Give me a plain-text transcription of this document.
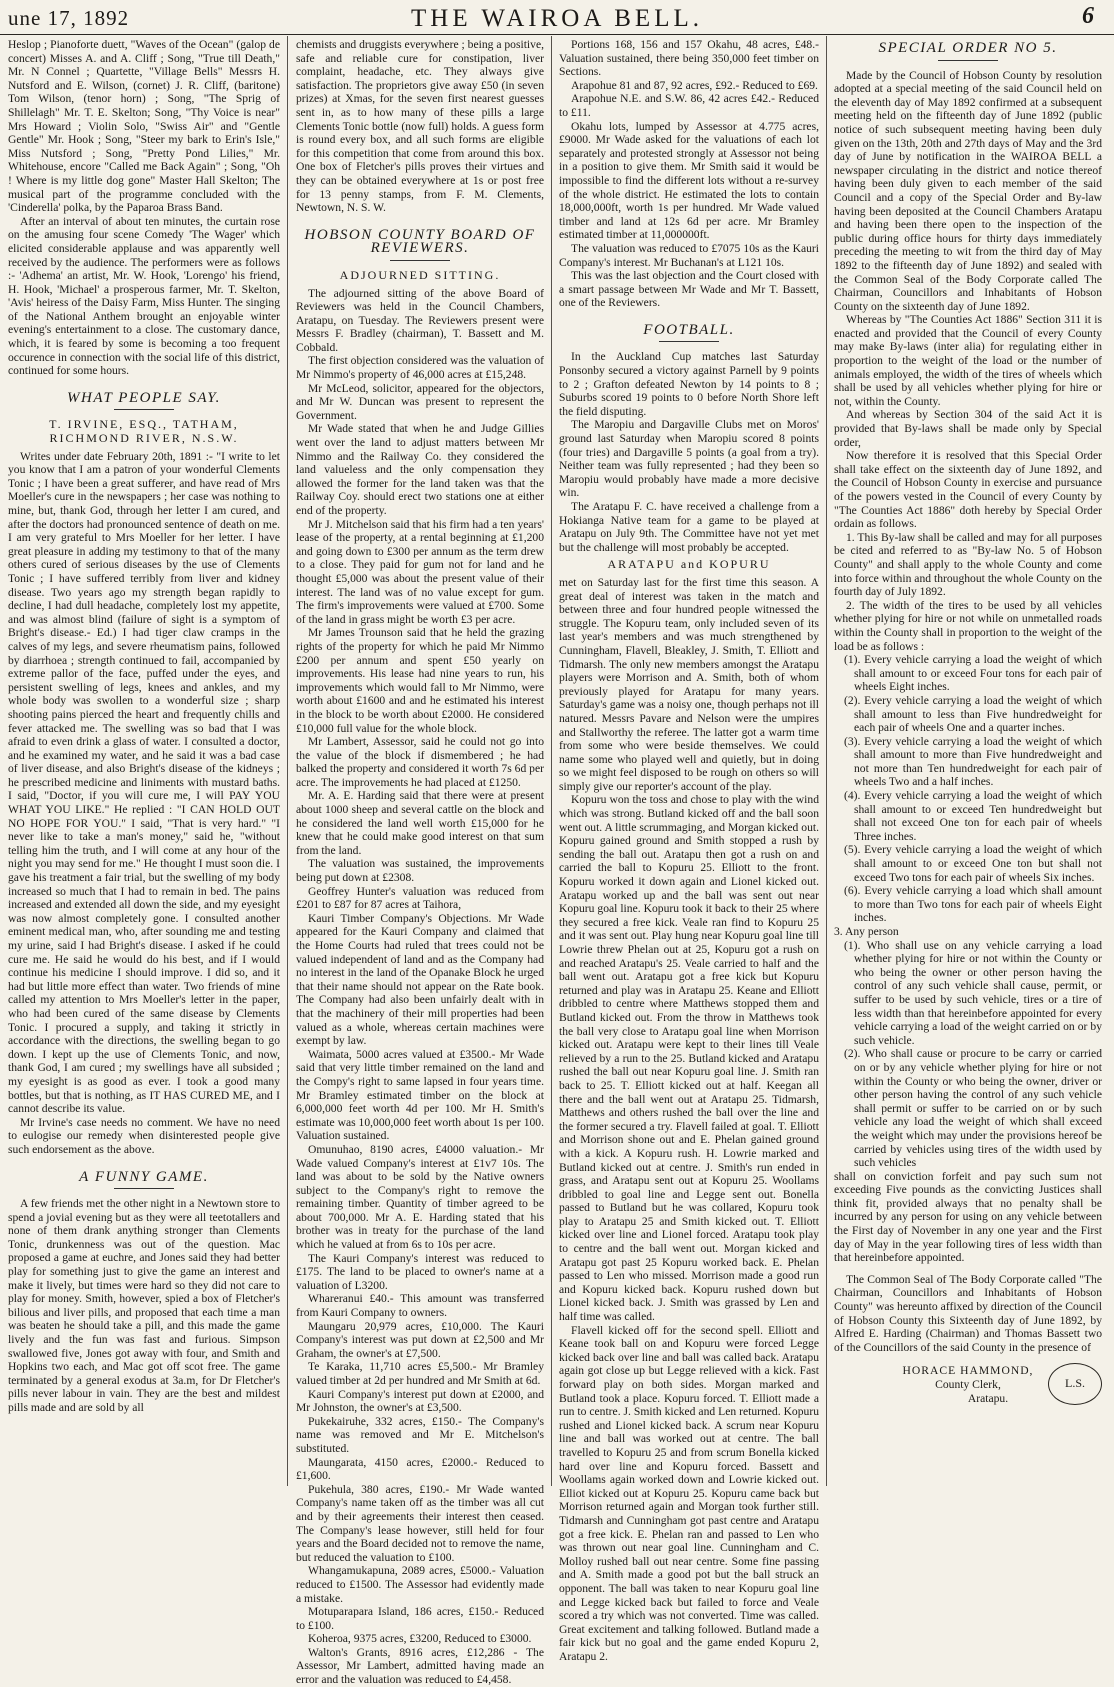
une 17, 1892	THE WAIROA BELL.	6

Heslop ; Pianoforte duett, "Waves of the Ocean" (galop de concert) Misses A. and A. Cliff ; Song, "True till Death," Mr. N Connel ; Quartette, "Village Bells" Messrs H. Nutsford and E. Wilson, (cornet) J. R. Cliff, (baritone) Tom Wilson, (tenor horn) ; Song, "The Sprig of Shillelagh" Mr. T. E. Skelton; Song, "Thy Voice is near" Mrs Howard ; Violin Solo, "Swiss Air" and "Gentle Gentle" Mr. Hook ; Song, "Steer my bark to Erin's Isle," Miss Nutsford ; Song, "Pretty Pond Lilies," Mr. Whitehouse, encore "Called me Back Again" ; Song, "Oh ! Where is my little dog gone" Master Hall Skelton; The musical part of the programme concluded with the 'Cinderella' polka, by the Paparoa Brass Band.

After an interval of about ten minutes, the curtain rose on the amusing four scene Comedy 'The Wager' which elicited considerable applause and was apparently well received by the audience. The performers were as follows :- 'Adhema' an artist, Mr. W. Hook, 'Lorengo' his friend, H. Hook, 'Michael' a prosperous farmer, Mr. T. Skelton, 'Avis' heiress of the Daisy Farm, Miss Hunter. The singing of the National Anthem brought an enjoyable winter evening's entertainment to a close. The customary dance, which, it is feared by some is becoming a too frequent occurence in connection with the social life of this district, continued for some hours.

WHAT PEOPLE SAY.
T. IRVINE, ESQ., TATHAM, RICHMOND RIVER, N.S.W.

Writes under date February 20th, 1891 :- "I write to let you know that I am a patron of your wonderful Clements Tonic ; I have been a great sufferer, and have read of Mrs Moeller's cure in the newspapers ; her case was nothing to mine, but, thank God, through her letter I am cured, and after the doctors had pronounced sentence of death on me. I am very grateful to Mrs Moeller for her letter. I have great pleasure in adding my testimony to that of the many others cured of serious diseases by the use of Clements Tonic ; I have suffered terribly from liver and kidney disease. Two years ago my strength began rapidly to decline, I had dull headache, completely lost my appetite, and was almost blind (failure of sight is a symptom of Bright's disease.- Ed.) I had tiger claw cramps in the calves of my legs, and severe rheumatism pains, followed by diarrhoea ; strength continued to fail, accompanied by extreme pallor of the face, puffed under the eyes, and persistent swelling of legs, knees and ankles, and my whole body was swollen to a wonderful size ; sharp shooting pains pierced the heart and frequently chills and fever attacked me. The swelling was so bad that I was afraid to even drink a glass of water. I consulted a doctor, and he examined my water, and he said it was a bad case of liver disease, and also Bright's disease of the kidneys ; he prescribed medicine and liniments with mustard baths. I said, "Doctor, if you will cure me, I will PAY YOU WHAT YOU LIKE." He replied : "I CAN HOLD OUT NO HOPE FOR YOU." I said, "That is very hard." "I never like to take a man's money," said he, "without telling him the truth, and I will come at any hour of the night you may send for me." He thought I must soon die. I gave his treatment a fair trial, but the swelling of my body increased so much that I had to remain in bed. The pains increased and extended all down the side, and my eyesight was now almost completely gone. I consulted another eminent medical man, who, after sounding me and testing my urine, said I had Bright's disease. I asked if he could cure me. He said he would do his best, and if I would continue his medicine I should improve. I did so, and it had but little more effect than water. Two friends of mine called my attention to Mrs Moeller's letter in the paper, who had been cured of the same disease by Clements Tonic. I procured a supply, and taking it strictly in accordance with the directions, the swelling began to go down. I kept up the use of Clements Tonic, and now, thank God, I am cured ; my swellings have all subsided ; my eyesight is as good as ever. I took a good many bottles, but that is nothing, as IT HAS CURED ME, and I cannot describe its value.

Mr Irvine's case needs no comment. We have no need to eulogise our remedy when disinterested people give such endorsement as the above.

A FUNNY GAME.

A few friends met the other night in a Newtown store to spend a jovial evening but as they were all teetotallers and none of them drank anything stronger than Clements Tonic, drunkenness was out of the question. Mac proposed a game at euchre, and Jones said they had better play for something just to give the game an interest and make it lively, but times were hard so they did not care to play for money. Smith, however, spied a box of Fletcher's bilious and liver pills, and proposed that each time a man was beaten he should take a pill, and this made the game lively and the fun was fast and furious. Simpson swallowed five, Jones got away with four, and Smith and Hopkins two each, and Mac got off scot free. The game terminated by a general exodus at 3a.m, for Dr Fletcher's pills never labour in vain. They are the best and mildest pills made and are sold by all

chemists and druggists everywhere ; being a positive, safe and reliable cure for constipation, liver complaint, headache, etc. They always give satisfaction. The proprietors give away £50 (in seven prizes) at Xmas, for the seven first nearest guesses sent in, as to how many of these pills a large Clements Tonic bottle (now full) holds. A guess form is round every box, and all such forms are eligible for this competition that come from around this box. One box of Fletcher's pills proves their virtues and they can be obtained everywhere at 1s or post free for 13 penny stamps, from F. M. Clements, Newtown, N. S. W.

HOBSON COUNTY BOARD OF REVIEWERS.
ADJOURNED SITTING.

The adjourned sitting of the above Board of Reviewers was held in the Council Chambers, Aratapu, on Tuesday. The Reviewers present were Messrs F. Bradley (chairman), T. Bassett and M. Cobbald.

The first objection considered was the valuation of Mr Nimmo's property of 46,000 acres at £15,248.

Mr McLeod, solicitor, appeared for the objectors, and Mr W. Duncan was present to represent the Government.

Mr Wade stated that when he and Judge Gillies went over the land to adjust matters between Mr Nimmo and the Railway Co. they considered the land valueless and the only compensation they allowed the former for the land taken was that the Railway Coy. should erect two stations one at either end of the property.

Mr J. Mitchelson said that his firm had a ten years' lease of the property, at a rental beginning at £1,200 and going down to £300 per annum as the term drew to a close. They paid for gum not for land and he thought £5,000 was about the present value of their interest. The land was of no value except for gum. The firm's improvements were valued at £700. Some of the land in grass might be worth £3 per acre.

Mr James Trounson said that he held the grazing rights of the property for which he paid Mr Nimmo £200 per annum and spent £50 yearly on improvements. His lease had nine years to run, his improvements which would fall to Mr Nimmo, were worth about £1600 and and he estimated his interest in the block to be worth about £2000. He considered £10,000 full value for the whole block.

Mr Lambert, Assessor, said he could not go into the value of the block if dismembered ; he had balked the property and considered it worth 7s 6d per acre. The improvements he had placed at £1250.

Mr. A. E. Harding said that there were at present about 1000 sheep and several cattle on the block and he considered the land well worth £15,000 for he knew that he could make good interest on that sum from the land.

The valuation was sustained, the improvements being put down at £2308.

Geoffrey Hunter's valuation was reduced from £201 to £87 for 87 acres at Taihora,

Kauri Timber Company's Objections. Mr Wade appeared for the Kauri Company and claimed that the Home Courts had ruled that trees could not be valued independent of land and as the Company had no interest in the land of the Opanake Block he urged that their name should not appear on the Rate book. The Company had also been unfairly dealt with in that the machinery of their mill properties had been valued as a whole, whereas certain machines were exempt by law.

Waimata, 5000 acres valued at £3500.- Mr Wade said that very little timber remained on the land and the Compy's right to same lapsed in four years time. Mr Bramley estimated timber on the block at 6,000,000 feet worth 4d per 100. Mr H. Smith's estimate was 10,000,000 feet worth about 1s per 100. Valuation sustained.

Omunuhao, 8190 acres, £4000 valuation.- Mr Wade valued Company's interest at £1v7 10s. The land was about to be sold by the Native owners subject to the Company's right to remove the remaining timber. Quantity of timber agreed to be about 700,000. Mr A. E. Harding stated that his brother was in treaty for the purchase of the land which he valued at from 6s to 10s per acre.

The Kauri Company's interest was reduced to £175. The land to be placed to owner's name at a valuation of L3200.

Whareranui £40.- This amount was transferred from Kauri Company to owners.

Maungaru 20,979 acres, £10,000. The Kauri Company's interest was put down at £2,500 and Mr Graham, the owner's at £7,500.

Te Karaka, 11,710 acres £5,500.- Mr Bramley valued timber at 2d per hundred and Mr Smith at 6d.

Kauri Company's interest put down at £2000, and Mr Johnston, the owner's at £3,500.

Pukekairuhe, 332 acres, £150.- The Company's name was removed and Mr E. Mitchelson's substituted.

Maungarata, 4150 acres, £2000.- Reduced to £1,600.

Pukehula, 380 acres, £190.- Mr Wade wanted Company's name taken off as the timber was all cut and by their agreements their interest then ceased. The Company's lease however, still held for four years and the Board decided not to remove the name, but reduced the valuation to £100.

Whangamukapuna, 2089 acres, £5000.- Valuation reduced to £1500. The Assessor had evidently made a mistake.

Motuparapara Island, 186 acres, £150.- Reduced to £100.

Koheroa, 9375 acres, £3200, Reduced to £3000.

Walton's Grants, 8916 acres, £12,286 - The Assessor, Mr Lambert, admitted having made an error and the valuation was reduced to £4,458.

Portions 168, 156 and 157 Okahu, 48 acres, £48.- Valuation sustained, there being 350,000 feet timber on Sections.

Arapohue 81 and 87, 92 acres, £92.- Reduced to £69.

Arapohue N.E. and S.W. 86, 42 acres £42.- Reduced to £11.

Okahu lots, lumped by Assessor at 4.775 acres, £9000. Mr Wade asked for the valuations of each lot separately and protested strongly at Assessor not being in a position to give them. Mr Smith said it would be impossible to find the different lots without a re-survey of the whole district. He estimated the lots to contain 18,000,000ft, worth 1s per hundred. Mr Wade valued timber and land at 12s 6d per acre. Mr Bramley estimated timber at 11,000000ft.

The valuation was reduced to £7075 10s as the Kauri Company's interest. Mr Buchanan's at L121 10s.

This was the last objection and the Court closed with a smart passage between Mr Wade and Mr T. Bassett, one of the Reviewers.

FOOTBALL.

In the Auckland Cup matches last Saturday Ponsonby secured a victory against Parnell by 9 points to 2 ; Grafton defeated Newton by 14 points to 8 ; Suburbs scored 19 points to 0 before North Shore left the field disputing.

The Maropiu and Dargaville Clubs met on Moros' ground last Saturday when Maropiu scored 8 points (four tries) and Dargaville 5 points (a goal from a try). Neither team was fully represented ; had they been so Maropiu would probably have made a more decisive win.

The Aratapu F. C. have received a challenge from a Hokianga Native team for a game to be played at Aratapu on July 9th. The Committee have not yet met but the challenge will most probably be accepted.

ARATAPU and KOPURU

met on Saturday last for the first time this season. A great deal of interest was taken in the match and between three and four hundred people witnessed the struggle. The Kopuru team, only included seven of its last year's members and was much strengthened by Cunningham, Flavell, Bleakley, J. Smith, T. Elliott and Tidmarsh. The only new members amongst the Aratapu players were Morrison and A. Smith, both of whom previously played for Aratapu for many years. Saturday's game was a noisy one, though perhaps not ill natured. Messrs Pavare and Nelson were the umpires and Stallworthy the referee. The latter got a warm time from some who were beside themselves. We could name some who played well and quietly, but in doing so we might feel disposed to be rough on others so will simply give our reporter's account of the play.

Kopuru won the toss and chose to play with the wind which was strong. Butland kicked off and the ball soon went out. A little scrummaging, and Morgan kicked out. Kopuru gained ground and Smith stopped a rush by sending the ball out. Aratapu then got a rush on and carried the ball to Kopuru 25. Elliott to the front. Kopuru worked it down again and Lionel kicked out. Aratapu worked up and the ball was sent out near Kopuru goal line. Kopuru took it back to their 25 where they secured a free kick. Veale ran find to Kopuru 25 and it was sent out. Play hung near Kopuru goal line till Lowrie threw Phelan out at 25, Kopuru got a rush on and reached Aratapu's 25. Veale carried to half and the ball went out. Aratapu got a free kick but Kopuru returned and play was in Aratapu 25. Keane and Elliott dribbled to centre where Matthews stopped them and Butland kicked out. From the throw in Matthews took the ball very close to Aratapu goal line when Morrison kicked out. Aratapu were kept to their lines till Veale relieved by a run to the 25. Butland kicked and Aratapu rushed the ball out near Kopuru goal line. J. Smith ran back to 25. T. Elliott kicked out at half. Keegan all there and the ball went out at Aratapu 25. Tidmarsh, Matthews and others rushed the ball over the line and the former secured a try. Flavell failed at goal. T. Elliott and Morrison shone out and E. Phelan gained ground with a kick. A Kopuru rush. H. Lowrie marked and Butland kicked out at centre. J. Smith's run ended in grass, and Aratapu sent out at Kopuru 25. Woollams dribbled to goal line and Legge sent out. Bonella passed to Butland but he was collared, Kopuru took play to Aratapu 25 and Smith kicked out. T. Elliott kicked over line and Lionel forced. Aratapu took play to centre and the ball went out. Morgan kicked and Aratapu got past 25 Kopuru worked back. E. Phelan passed to Len who missed. Morrison made a good run and Kopuru kicked back. Kopuru rushed down but Lionel kicked back. J. Smith was grassed by Len and half time was called.

Flavell kicked off for the second spell. Elliott and Keane took ball on and Kopuru were forced Legge kicked back over line and ball was called back. Aratapu again got close up but Legge relieved with a kick. Fast forward play on both sides. Morgan marked and Butland took a place. Kopuru forced. T. Elliott made a run to centre. J. Smith kicked and Len returned. Kopuru rushed and Lionel kicked back. A scrum near Kopuru line and ball was worked out at centre. The ball travelled to Kopuru 25 and from scrum Bonella kicked hard over line and Kopuru forced. Bassett and Woollams again worked down and Lowrie kicked out. Elliot kicked out at Kopuru 25. Kopuru came back but Morrison returned again and Morgan took further still. Tidmarsh and Cunningham got past centre and Aratapu got a free kick. E. Phelan ran and passed to Len who was thrown out near goal line. Cunningham and C. Molloy rushed ball out near centre. Some fine passing and A. Smith made a good pot but the ball struck an opponent. The ball was taken to near Kopuru goal line and Legge kicked back but failed to force and Veale scored a try which was not converted. Time was called. Great excitement and talking followed. Butland made a fair kick but no goal and the game ended Kopuru 2, Aratapu 2.

SPECIAL ORDER NO 5.

Made by the Council of Hobson County by resolution adopted at a special meeting of the said Council held on the eleventh day of May 1892 confirmed at a subsequent meeting held on the fifteenth day of June 1892 (public notice of such subsequent meeting having been duly given on the 13th, 20th and 27th days of May and the 3rd day of June by notification in the WAIROA BELL a newspaper circulating in the district and notice thereof having been duly given to each member of the said Council and a copy of the Special Order and By-law having been deposited at the Council Chambers Aratapu and having been there open to the inspection of the public during office hours for thirty days immediately preceding the meeting to wit from the third day of May 1892 to the fifteenth day of June 1892) and sealed with the Common Seal of the Body Corporate called The Chairman, Councillors and Inhabitants of Hobson County on the sixteenth day of June 1892.

Whereas by "The Counties Act 1886" Section 311 it is enacted and provided that the Council of every County may make By-laws (inter alia) for regulating either in proportion to the weight of the load or the number of animals employed, the width of the tires of wheels which shall be used by all vehicles whether plying for hire or not, within the County.

And whereas by Section 304 of the said Act it is provided that By-laws shall be made only by Special order,

Now therefore it is resolved that this Special Order shall take effect on the sixteenth day of June 1892, and the Council of Hobson County in exercise and pursuance of the powers vested in the Council of every County by "The Counties Act 1886" doth hereby by Special Order ordain as follows.

1. This By-law shall be called and may for all purposes be cited and referred to as "By-law No. 5 of Hobson County" and shall apply to the whole County and come into force within and throughout the whole County on the fourth day of July 1892.

2. The width of the tires to be used by all vehicles whether plying for hire or not while on unmetalled roads within the County shall in proportion to the weight of the load be as follows :

(1). Every vehicle carrying a load the weight of which shall amount to or exceed Four tons for each pair of wheels Eight inches.

(2). Every vehicle carrying a load the weight of which shall amount to less than Five hundredweight for each pair of wheels One and a quarter inches.

(3). Every vehicle carrying a load the weight of which shall amount to more than Five hundredweight and not more than Ten hundredweight for each pair of wheels Two and a half inches.

(4). Every vehicle carrying a load the weight of which shall amount to or exceed Ten hundredweight but shall not exceed One ton for each pair of wheels Three inches.

(5). Every vehicle carrying a load the weight of which shall amount to or exceed One ton but shall not exceed Two tons for each pair of wheels Six inches.

(6). Every vehicle carrying a load which shall amount to more than Two tons for each pair of wheels Eight inches.

3. Any person

(1). Who shall use on any vehicle carrying a load whether plying for hire or not within the County or who being the owner or other person having the control of any such vehicle shall cause, permit, or suffer to be used by such vehicle, tires or a tire of less width than that hereinbefore appointed for every vehicle carrying a load of the weight carried on or by such vehicle.

(2). Who shall cause or procure to be carry or carried on or by any vehicle whether plying for hire or not within the County or who being the owner, driver or other person having the control of any such vehicle shall permit or suffer to be carried on or by such vehicle any load the weight of which shall exceed the weight which may under the provisions hereof be carried by vehicles using tires of the width used by such vehicles

shall on conviction forfeit and pay such sum not exceeding Five pounds as the convicting Justices shall think fit, provided always that no penalty shall be incurred by any person for using on any vehicle between the First day of November in any one year and the First day of May in the year following tires of less width than that hereinbefore appointed.

The Common Seal of The Body Corporate called "The Chairman, Councillors and Inhabitants of Hobson County" was hereunto affixed by direction of the Council of Hobson County this Sixteenth day of June 1892, by Alfred E. Harding (Chairman) and Thomas Bassett two of the Councillors of the said County in the presence of

HORACE HAMMOND,
County Clerk,
Aratapu.
L.S.
